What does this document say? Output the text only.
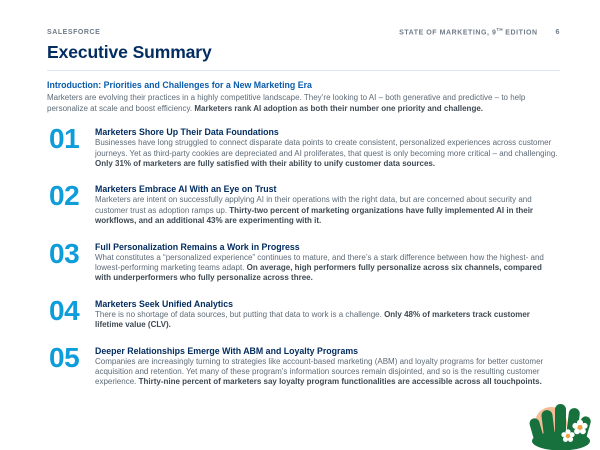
SALESFORCE	STATE OF MARKETING, 9TH EDITION	6
Executive Summary
Introduction: Priorities and Challenges for a New Marketing Era

Marketers are evolving their practices in a highly competitive landscape. They’re looking to AI – both generative and predictive – to help personalize at scale and boost efficiency. Marketers rank AI adoption as both their number one priority and challenge.

01	Marketers Shore Up Their Data Foundations

Businesses have long struggled to connect disparate data points to create consistent, personalized experiences across customer journeys. Yet as third-party cookies are depreciated and AI proliferates, that quest is only becoming more critical – and challenging. Only 31% of marketers are fully satisfied with their ability to unify customer data sources.

02	Marketers Embrace AI With an Eye on Trust

Marketers are intent on successfully applying AI in their operations with the right data, but are concerned about security and customer trust as adoption ramps up. Thirty-two percent of marketing organizations have fully implemented AI in their workflows, and an additional 43% are experimenting with it.

03	Full Personalization Remains a Work in Progress

What constitutes a “personalized experience” continues to mature, and there’s a stark difference between how the highest- and lowest-performing marketing teams adapt. On average, high performers fully personalize across six channels, compared with underperformers who fully personalize across three.

04	Marketers Seek Unified Analytics

There is no shortage of data sources, but putting that data to work is a challenge. Only 48% of marketers track customer lifetime value (CLV).

05	Deeper Relationships Emerge With ABM and Loyalty Programs

Companies are increasingly turning to strategies like account-based marketing (ABM) and loyalty programs for better customer acquisition and retention. Yet many of these program’s information sources remain disjointed, and so is the resulting customer experience. Thirty-nine percent of marketers say loyalty program functionalities are accessible across all touchpoints.
